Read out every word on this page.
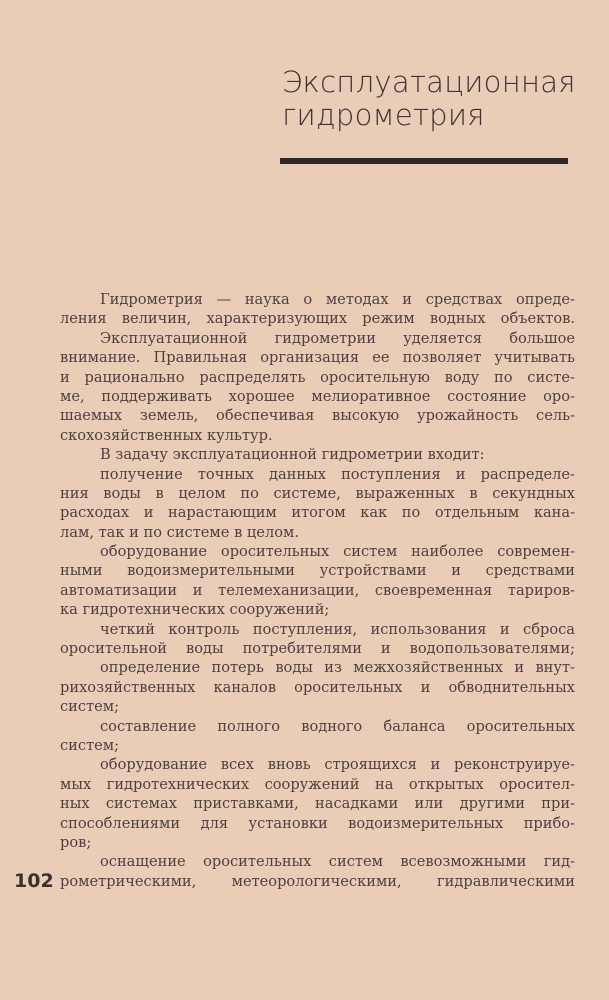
Эксплуатационная
гидрометрия
Гидрометрия — наука о методах и средствах опреде-
ления величин, характеризующих режим водных объектов.
Эксплуатационной гидрометрии уделяется большое
внимание. Правильная организация ее позволяет учитывать
и рационально распределять оросительную воду по систе-
ме, поддерживать хорошее мелиоративное состояние оро-
шаемых земель, обеспечивая высокую урожайность сель-
скохозяйственных культур.
В задачу эксплуатационной гидрометрии входит:
получение точных данных поступления и распределе-
ния воды в целом по системе, выраженных в секундных
расходах и нарастающим итогом как по отдельным кана-
лам, так и по системе в целом.
оборудование оросительных систем наиболее современ-
ными водоизмерительными устройствами и средствами
автоматизации и телемеханизации, своевременная тариров-
ка гидротехнических сооружений;
четкий контроль поступления, использования и сброса
оросительной воды потребителями и водопользователями;
определение потерь воды из межхозяйственных и внут-
рихозяйственных каналов оросительных и обводнительных
систем;
составление полного водного баланса оросительных
систем;
оборудование всех вновь строящихся и реконструируе-
мых гидротехнических сооружений на открытых оросител-
ных системах приставками, насадками или другими при-
способлениями для установки водоизмерительных прибо-
ров;
оснащение оросительных систем всевозможными гид-
рометрическими, метеорологическими, гидравлическими
102
